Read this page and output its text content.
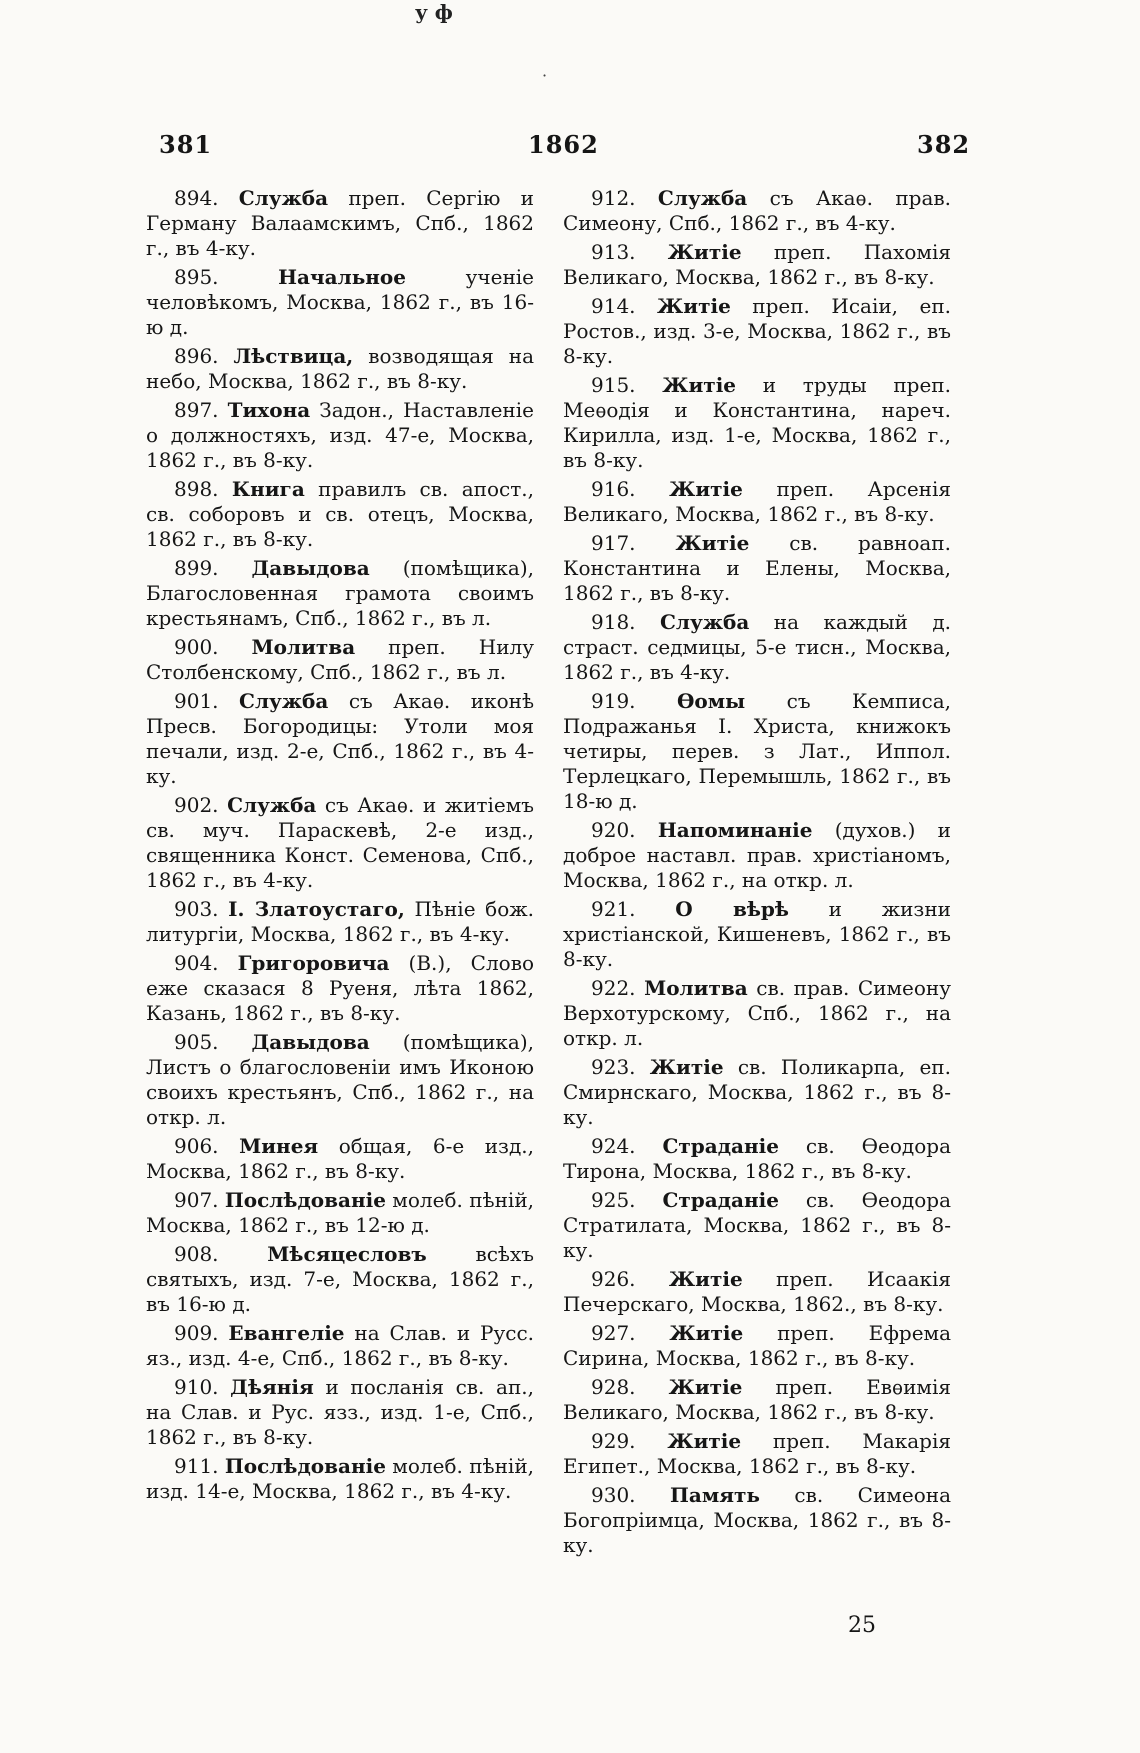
у ф
·
381	1862	382

894. Служба преп. Сергію и Герману Валаамскимъ, Спб., 1862 г., въ 4-ку.

895.	Начальное ученіе человѣкомъ, Москва, 1862 г., въ 16-ю д.

896. Лѣствица, возводящая на небо, Москва, 1862 г., въ 8-ку.

897. Тихона Задон., Наставленіе о должностяхъ, изд. 47-е, Москва, 1862 г., въ 8-ку.

898. Книга правилъ св. апост., св. соборовъ и св. отецъ, Москва, 1862 г., въ 8-ку.

899. Давыдова (помѣщика), Благословенная грамота своимъ крестьянамъ, Спб., 1862 г., въ л.

900. Молитва преп. Нилу Столбенскому, Спб., 1862 г., въ л.

901. Служба съ Акаѳ. иконѣ Пресв. Богородицы: Утоли моя печали, изд. 2-е, Спб., 1862 г., въ 4-ку.

902. Служба съ Акаѳ. и житіемъ св. муч. Параскевѣ, 2-е изд., священника Конст. Семенова, Спб., 1862 г., въ 4-ку.

903. І. Златоустаго, Пѣніе бож. литургіи, Москва, 1862 г., въ 4-ку.

904. Григоровича (В.), Слово еже сказася 8 Руеня, лѣта 1862, Казань, 1862 г., въ 8-ку.

905. Давыдова (помѣщика), Листъ о благословеніи имъ Иконою своихъ крестьянъ, Спб., 1862 г., на откр. л.

906. Минея общая, 6-е изд., Москва, 1862 г., въ 8-ку.

907. Послѣдованіе молеб. пѣній, Москва, 1862 г., въ 12-ю д.

908. Мѣсяцесловъ всѣхъ святыхъ, изд. 7-е, Москва, 1862 г., въ 16-ю д.

909. Евангеліе на Слав. и Русс. яз., изд. 4-е, Спб., 1862 г., въ 8-ку.

910. Дѣянія и посланія св. ап., на Слав. и Рус. язз., изд. 1-е, Спб., 1862 г., въ 8-ку.

911. Послѣдованіе молеб. пѣній, изд. 14-е, Москва, 1862 г., въ 4-ку.

912. Служба съ Акаѳ. прав. Симеону, Спб., 1862 г., въ 4-ку.

913. Житіе преп. Пахомія Великаго, Москва, 1862 г., въ 8-ку.

914. Житіе преп. Исаіи, еп. Ростов., изд. 3-е, Москва, 1862 г., въ 8-ку.

915. Житіе и труды преп. Меѳодія и Константина, нареч. Кирилла, изд. 1-е, Москва, 1862 г., въ 8-ку.

916. Житіе преп. Арсенія Великаго, Москва, 1862 г., въ 8-ку.

917. Житіе св. равноап. Константина и Елены, Москва, 1862 г., въ 8-ку.

918. Служба на каждый д. страст. седмицы, 5-е тисн., Москва, 1862 г., въ 4-ку.

919. Ѳомы съ Кемписа, Подражанья І. Христа, книжокъ четиры, перев. з Лат., Иппол. Терлецкаго, Перемышль, 1862 г., въ 18-ю д.

920. Напоминаніе (духов.) и доброе наставл. прав. христіаномъ, Москва, 1862 г., на откр. л.

921. О вѣрѣ и жизни христіанской, Кишеневъ, 1862 г., въ 8-ку.

922. Молитва св. прав. Симеону Верхотурскому, Спб., 1862 г., на откр. л.

923. Житіе св. Поликарпа, еп. Смирнскаго, Москва, 1862 г., въ 8-ку.

924. Страданіе св. Ѳеодора Тирона, Москва, 1862 г., въ 8-ку.

925. Страданіе св. Ѳеодора Стратилата, Москва, 1862 г., въ 8-ку.

926. Житіе преп. Исаакія Печерскаго, Москва, 1862., въ 8-ку.

927. Житіе преп. Ефрема Сирина, Москва, 1862 г., въ 8-ку.

928. Житіе преп. Евѳимія Великаго, Москва, 1862 г., въ 8-ку.

929. Житіе преп. Макарія Египет., Москва, 1862 г., въ 8-ку.

930. Память св. Симеона Богопріимца, Москва, 1862 г., въ 8-ку.

25
